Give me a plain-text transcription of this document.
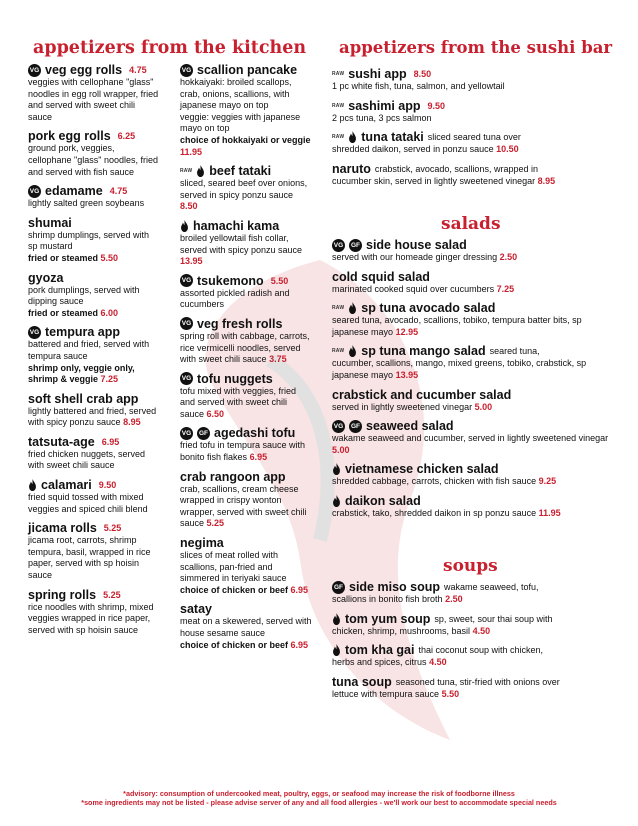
appetizers from the kitchen appetizers from the sushi bar
salads
soups
VG veg egg rolls 4.75
veggies with cellophane "glass" noodles in egg roll wrapper, fried and served with sweet chili sauce
pork egg rolls 6.25
ground pork, veggies, cellophane "glass" noodles, fried and served with fish sauce
VG edamame 4.75
lightly salted green soybeans
shumai
shrimp dumplings, served with sp mustard
fried or steamed 5.50
gyoza
pork dumplings, served with dipping sauce
fried or steamed 6.00
VG tempura app
battered and fried, served with tempura sauce
shrimp only, veggie only, shrimp & veggie 7.25
soft shell crab app
lightly battered and fried, served with spicy ponzu sauce 8.95
tatsuta-age 6.95
fried chicken nuggets, served with sweet chili sauce
calamari 9.50
fried squid tossed with mixed veggies and spiced chili blend
jicama rolls 5.25
jicama root, carrots, shrimp tempura, basil, wrapped in rice paper, served with sp hoisin sauce
spring rolls 5.25
rice noodles with shrimp, mixed veggies wrapped in rice paper, served with sp hoisin sauce
VG scallion pancake
hokkaiyaki: broiled scallops, crab, onions, scallions, with japanese mayo on top
veggie: veggies with japanese mayo on top
choice of hokkaiyaki or veggie 11.95
RAW beef tataki
sliced, seared beef over onions, served in spicy ponzu sauce 8.50
hamachi kama
broiled yellowtail fish collar, served with spicy ponzu sauce 13.95
VG tsukemono 5.50
assorted pickled radish and cucumbers
VG veg fresh rolls
spring roll with cabbage, carrots, rice vermicelli noodles, served with sweet chili sauce 3.75
VG tofu nuggets
tofu mixed with veggies, fried and served with sweet chili sauce 6.50
VG	GF agedashi tofu
fried tofu in tempura sauce with bonito fish flakes 6.95
crab rangoon app
crab, scallions, cream cheese wrapped in crispy wonton wrapper, served with sweet chili sauce 5.25
negima
slices of meat rolled with scallions, pan-fried and simmered in teriyaki sauce
choice of chicken or beef 6.95
satay
meat on a skewered, served with house sesame sauce
choice of chicken or beef 6.95
RAW sushi app 8.50
1 pc white fish, tuna, salmon, and yellowtail
RAW sashimi app 9.50
2 pcs tuna, 3 pcs salmon
RAW tuna tataki sliced seared tuna over
shredded daikon, served in ponzu sauce 10.50
naruto crabstick, avocado, scallions, wrapped in
cucumber skin, served in lightly sweetened vinegar 8.95
VG	GF side house salad
served with our homeade ginger dressing 2.50
cold squid salad
marinated cooked squid over cucumbers 7.25
RAW sp tuna avocado salad
seared tuna, avocado, scallions, tobiko, tempura batter bits, sp japanese mayo 12.95
RAW sp tuna mango salad seared tuna,
cucumber, scallions, mango, mixed greens, tobiko, crabstick, sp japanese mayo 13.95
crabstick and cucumber salad
served in lightly sweetened vinegar 5.00
VG	GF seaweed salad
wakame seaweed and cucumber, served in lightly sweetened vinegar 5.00
vietnamese chicken salad
shredded cabbage, carrots, chicken with fish sauce 9.25
daikon salad
crabstick, tako, shredded daikon in sp ponzu sauce 11.95
GF side miso soup wakame seaweed, tofu,
scallions in bonito fish broth 2.50
tom yum soup sp, sweet, sour thai soup with
chicken, shrimp, mushrooms, basil 4.50
tom kha gai thai coconut soup with chicken,
herbs and spices, citrus 4.50
tuna soup seasoned tuna, stir-fried with onions over
lettuce with tempura sauce 5.50
*advisory: consumption of undercooked meat, poultry, eggs, or seafood may increase the risk of foodborne illness
*some ingredients may not be listed - please advise server of any and all food allergies - we'll work our best to accommodate special needs
